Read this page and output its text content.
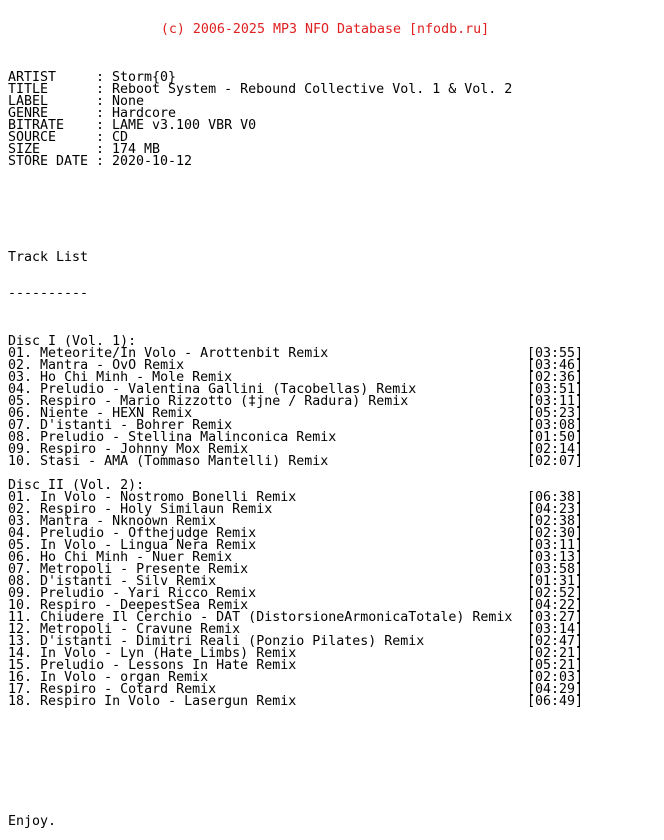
(c) 2006-2025 MP3 NFO Database [nfodb.ru]

ARTIST	: Storm{0}
TITLE	: Reboot System - Rebound Collective Vol. 1 & Vol. 2
LABEL	: None
GENRE	: Hardcore
BITRATE : LAME v3.100 VBR V0
SOURCE	: CD
SIZE	: 174 MB
STORE DATE : 2020-10-12

Track List

----------

Disc I (Vol. 1):
01. Meteorite/In Volo - Arottenbit Remix	[03:55]
02. Mantra - OvO Remix	[03:46]
03. Ho Chi Minh - Mole Remix	[02:36]
04. Preludio - Valentina Gallini (Tacobellas) Remix	[03:51]
05. Respiro - Mario Rizzotto (‡jne / Radura) Remix	[03:11]
06. Niente - HEXN Remix	[05:23]
07. D'istanti - Bohrer Remix	[03:08]
08. Preludio - Stellina Malinconica Remix	[01:50]
09. Respiro - Johnny Mox Remix	[02:14]
10. Stasi - AMA (Tommaso Mantelli) Remix	[02:07]
Disc II (Vol. 2):
01. In Volo - Nostromo Bonelli Remix	[06:38]
02. Respiro - Holy Similaun Remix	[04:23]
03. Mantra - Nknoown Remix	[02:38]
04. Preludio - Ofthejudge Remix	[02:30]
05. In Volo - Lingua Nera Remix	[03:11]
06. Ho Chi Minh - Nuer Remix	[03:13]
07. Metropoli - Presente Remix	[03:58]
08. D'istanti - Silv Remix	[01:31]
09. Preludio - Yari Ricco Remix	[02:52]
10. Respiro - DeepestSea Remix	[04:22]
11. Chiudere Il Cerchio - DAT (DistorsioneArmonicaTotale) Remix [03:27]
12. Metropoli - Cravune Remix	[03:14]
13. D'istanti - Dimitri Reali (Ponzio Pilates) Remix	[02:47]
14. In Volo - Lyn (Hate Limbs) Remix	[02:21]
15. Preludio - Lessons In Hate Remix	[05:21]
16. In Volo - organ Remix	[02:03]
17. Respiro - Cotard Remix	[04:29]
18. Respiro In Volo - Lasergun Remix	[06:49]

Enjoy.
